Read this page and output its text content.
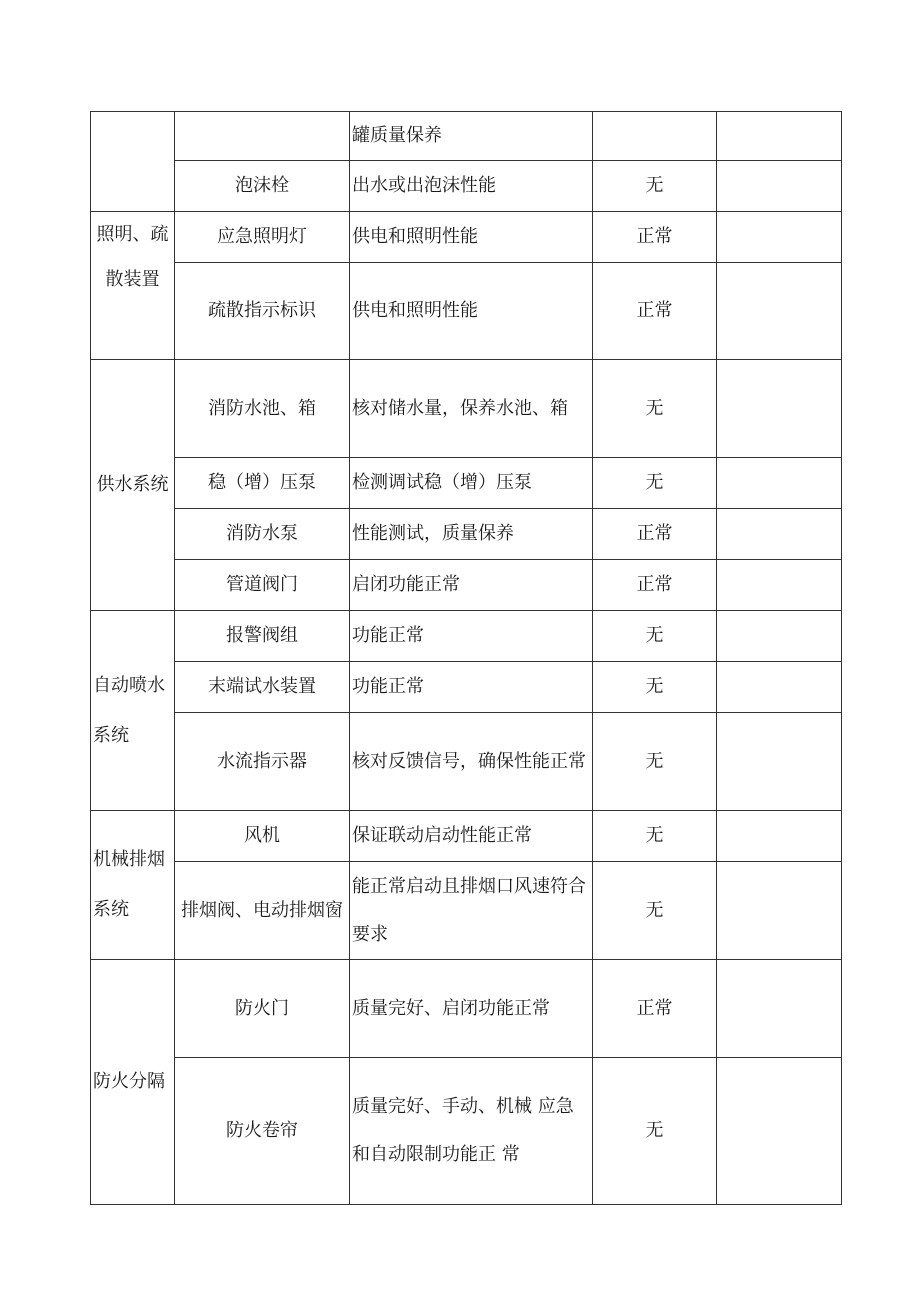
		罐质量保养		

	泡沫栓	出水或出泡沫性能	无	

照明、疏散装置	应急照明灯	供电和照明性能	正常	

	疏散指示标识	供电和照明性能	正常	

供水系统	消防水池、箱	核对储水量，保养水池、箱	无	

	稳（增）压泵	检测调试稳（增）压泵	无	

	消防水泵	性能测试，质量保养	正常	

	管道阀门	启闭功能正常	正常	

自动喷水系统	报警阀组	功能正常	无	

	末端试水装置	功能正常	无	

	水流指示器	核对反馈信号，确保性能正常	无	

机械排烟系统	风机	保证联动启动性能正常	无	

	排烟阀、电动排烟窗	能正常启动且排烟口风速符合要求	无	

防火分隔	防火门	质量完好、启闭功能正常	正常	

	防火卷帘	质量完好、手动、机械 应急和自动限制功能正 常	无	
